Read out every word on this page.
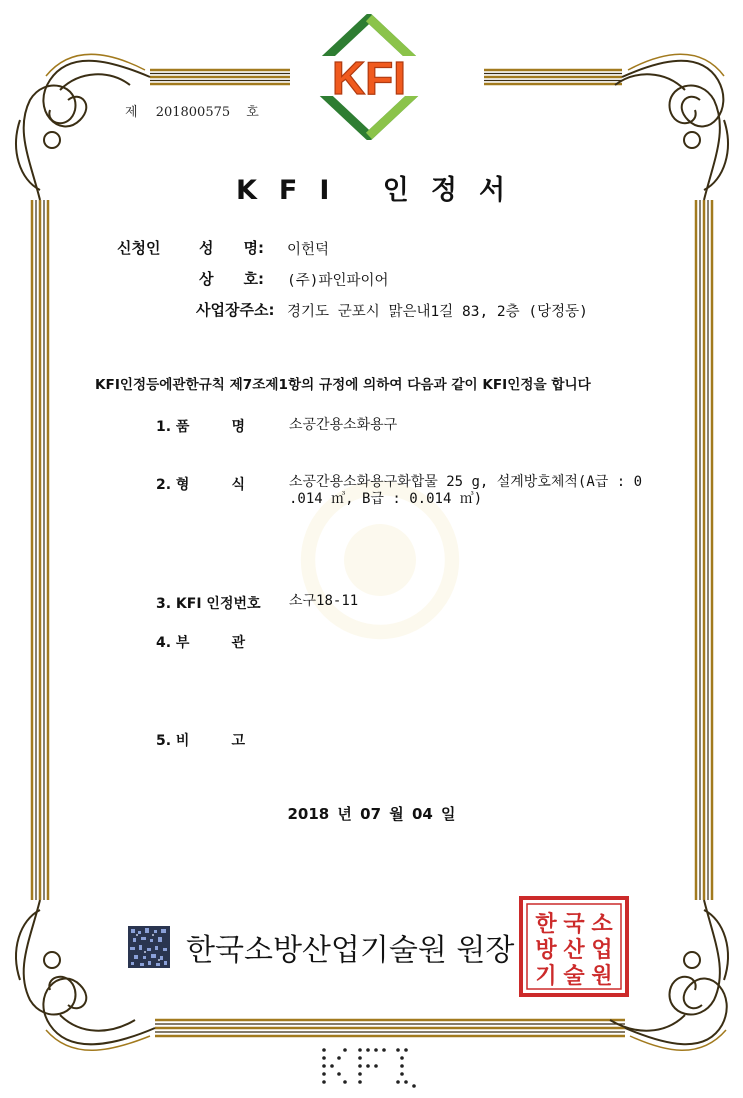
제 201800575 호
KFI
KFI 인정서
신청인	성　　명: 이헌덕
상　　호: (주)파인파이어
사업장주소: 경기도 군포시 맑은내1길 83, 2층 (당정동)
KFI인정등에관한규칙 제7조제1항의 규정에 의하여 다음과 같이 KFI인정을 합니다
1. 품　　　명	소공간용소화용구
2. 형　　　식	소공간용소화용구화합물 25 g, 설계방호체적(A급 : 0
.014 ㎥, B급 : 0.014 ㎥)
3. KFI 인정번호 소구18-11
4. 부　　　관
5. 비　　　고
2018 년 07 월 04 일
한국소방산업기술원 원장
한 국 소
방 산 업
기 술 원
